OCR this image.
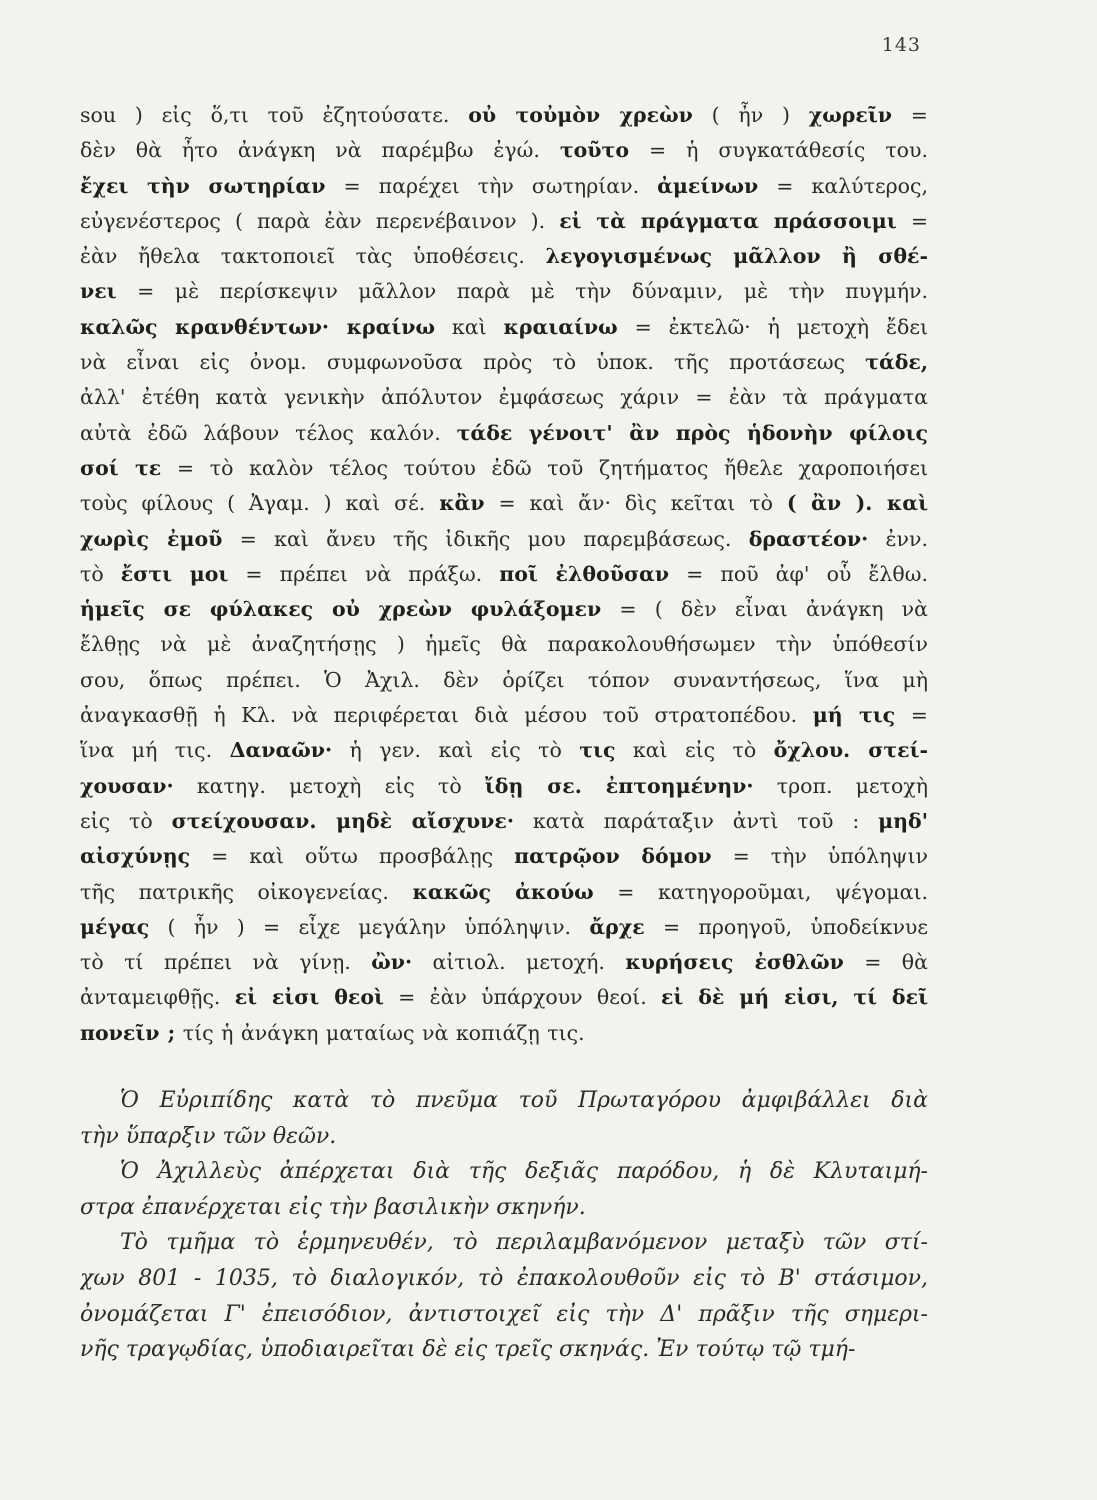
143
sou ) εἰς ὅ,τι τοῦ ἐζητούσατε. οὐ τοὐμὸν χρεὼν ( ἦν ) χωρεῖν =
δὲν θὰ ἦτο ἀνάγκη νὰ παρέμβω ἐγώ. τοῦτο = ἡ συγκατάθεσίς του.
ἔχει τὴν σωτηρίαν = παρέχει τὴν σωτηρίαν. ἀμείνων = καλύτερος,
εὐγενέστερος ( παρὰ ἐὰν περενέβαινον ). εἰ τὰ πράγματα πράσσοιμι =
ἐὰν ἤθελα τακτοποιεῖ τὰς ὑποθέσεις. λεγογισμένως μᾶλλον ἢ σθέ-
νει = μὲ περίσκεψιν μᾶλλον παρὰ μὲ τὴν δύναμιν, μὲ τὴν πυγμήν.
καλῶς κρανθέντων· κραίνω καὶ κραιαίνω = ἐκτελῶ· ἡ μετοχὴ ἔδει
νὰ εἶναι εἰς ὀνομ. συμφωνοῦσα πρὸς τὸ ὑποκ. τῆς προτάσεως τάδε,
ἀλλ' ἐτέθη κατὰ γενικὴν ἀπόλυτον ἐμφάσεως χάριν = ἐὰν τὰ πράγματα
αὐτὰ ἐδῶ λάβουν τέλος καλόν. τάδε γένοιτ' ἂν πρὸς ἡδονὴν φίλοις
σοί τε = τὸ καλὸν τέλος τούτου ἐδῶ τοῦ ζητήματος ἤθελε χαροποιήσει
τοὺς φίλους ( Ἀγαμ. ) καὶ σέ. κἂν = καὶ ἄν· δὶς κεῖται τὸ ( ἂν ). καὶ
χωρὶς ἐμοῦ = καὶ ἄνευ τῆς ἰδικῆς μου παρεμβάσεως. δραστέον· ἐνν.
τὸ ἔστι μοι = πρέπει νὰ πράξω. ποῖ ἐλθοῦσαν = ποῦ ἀφ' οὗ ἔλθω.
ἡμεῖς σε φύλακες οὐ χρεὼν φυλάξομεν = ( δὲν εἶναι ἀνάγκη νὰ
ἔλθῃς νὰ μὲ ἀναζητήσῃς ) ἡμεῖς θὰ παρακολουθήσωμεν τὴν ὑπόθεσίν
σου, ὅπως πρέπει. Ὁ Ἀχιλ. δὲν ὁρίζει τόπον συναντήσεως, ἵνα μὴ
ἀναγκασθῇ ἡ Κλ. νὰ περιφέρεται διὰ μέσου τοῦ στρατοπέδου. μή τις =
ἵνα μή τις. Δαναῶν· ἡ γεν. καὶ εἰς τὸ τις καὶ εἰς τὸ ὄχλου. στεί-
χουσαν· κατηγ. μετοχὴ εἰς τὸ ἴδῃ σε. ἐπτοημένην· τροπ. μετοχὴ
εἰς τὸ στείχουσαν. μηδὲ αἴσχυνε· κατὰ παράταξιν ἀντὶ τοῦ : μηδ'
αἰσχύνῃς = καὶ οὕτω προσβάλῃς πατρῷον δόμον = τὴν ὑπόληψιν
τῆς πατρικῆς οἰκογενείας. κακῶς ἀκούω = κατηγοροῦμαι, ψέγομαι.
μέγας ( ἦν ) = εἶχε μεγάλην ὑπόληψιν. ἄρχε = προηγοῦ, ὑποδείκνυε
τὸ τί πρέπει νὰ γίνῃ. ὢν· αἰτιολ. μετοχή. κυρήσεις ἐσθλῶν = θὰ
ἀνταμειφθῇς. εἰ εἰσι θεοὶ = ἐὰν ὑπάρχουν θεοί. εἰ δὲ μή εἰσι, τί δεῖ
πονεῖν ; τίς ἡ ἀνάγκη ματαίως νὰ κοπιάζῃ τις.
Ὁ Εὐριπίδης κατὰ τὸ πνεῦμα τοῦ Πρωταγόρου ἀμφιβάλλει διὰ
τὴν ὕπαρξιν τῶν θεῶν.
Ὁ Ἀχιλλεὺς ἀπέρχεται διὰ τῆς δεξιᾶς παρόδου, ἡ δὲ Κλυταιμή-
στρα ἐπανέρχεται εἰς τὴν βασιλικὴν σκηνήν.
Τὸ τμῆμα τὸ ἑρμηνευθέν, τὸ περιλαμβανόμενον μεταξὺ τῶν στί-
χων 801 - 1035, τὸ διαλογικόν, τὸ ἐπακολουθοῦν εἰς τὸ Β' στάσιμον,
ὀνομάζεται Γ' ἐπεισόδιον, ἀντιστοιχεῖ εἰς τὴν Δ' πρᾶξιν τῆς σημερι-
νῆς τραγῳδίας, ὑποδιαιρεῖται δὲ εἰς τρεῖς σκηνάς. Ἐν τούτῳ τῷ τμή-
